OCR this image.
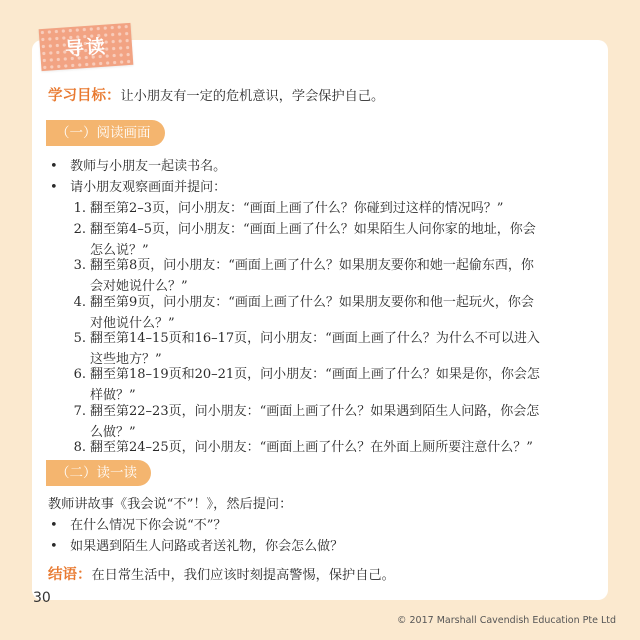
导读
学习目标：让小朋友有一定的危机意识，学会保护自己。
（一）阅读画面
•   教师与小朋友一起读书名。
•   请小朋友观察画面并提问：
1. 翻至第2–3页，问小朋友：“画面上画了什么？你碰到过这样的情况吗？”
2. 翻至第4–5页，问小朋友：“画面上画了什么？如果陌生人问你家的地址，你会
怎么说？”
3. 翻至第8页，问小朋友：“画面上画了什么？如果朋友要你和她一起偷东西，你
会对她说什么？”
4. 翻至第9页，问小朋友：“画面上画了什么？如果朋友要你和他一起玩火，你会
对他说什么？”
5. 翻至第14–15页和16–17页，问小朋友：“画面上画了什么？为什么不可以进入
这些地方？”
6. 翻至第18–19页和20–21页，问小朋友：“画面上画了什么？如果是你，你会怎
样做？”
7. 翻至第22–23页，问小朋友：“画面上画了什么？如果遇到陌生人问路，你会怎
么做？”
8. 翻至第24–25页，问小朋友：“画面上画了什么？在外面上厕所要注意什么？”
（二）读一读
教师讲故事《我会说“不”！》，然后提问：
•   在什么情况下你会说“不”？
•   如果遇到陌生人问路或者送礼物，你会怎么做？
结语：在日常生活中，我们应该时刻提高警惕，保护自己。
30
© 2017 Marshall Cavendish Education Pte Ltd
